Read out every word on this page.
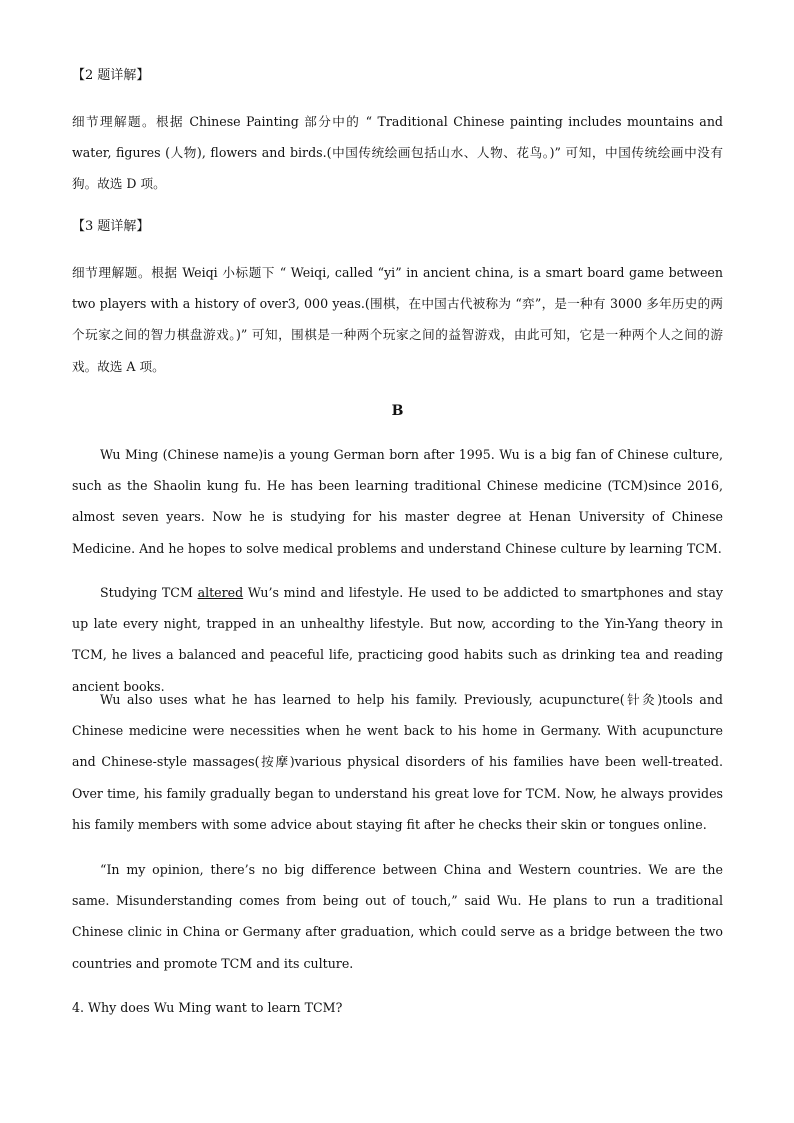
【2 题详解】
细节理解题。根据 Chinese Painting 部分中的 “ Traditional Chinese painting includes mountains and water, figures (人物), flowers and birds.(中国传统绘画包括山水、人物、花鸟。)” 可知，中国传统绘画中没有狗。故选 D 项。
【3 题详解】
细节理解题。根据 Weiqi 小标题下 “ Weiqi, called “yi” in ancient china, is a smart board game between two players with a history of over3, 000 yeas.(围棋，在中国古代被称为 “弈”，是一种有 3000 多年历史的两个玩家之间的智力棋盘游戏。)” 可知，围棋是一种两个玩家之间的益智游戏，由此可知，它是一种两个人之间的游戏。故选 A 项。
B
Wu Ming (Chinese name)is a young German born after 1995. Wu is a big fan of Chinese culture, such as the Shaolin kung fu. He has been learning traditional Chinese medicine (TCM)since 2016, almost seven years. Now he is studying for his master degree at Henan University of Chinese Medicine. And he hopes to solve medical problems and understand Chinese culture by learning TCM.
Studying TCM altered Wu’s mind and lifestyle. He used to be addicted to smartphones and stay up late every night, trapped in an unhealthy lifestyle. But now, according to the Yin-Yang theory in TCM, he lives a balanced and peaceful life, practicing good habits such as drinking tea and reading ancient books.
Wu also uses what he has learned to help his family. Previously, acupuncture(针灸)tools and Chinese medicine were necessities when he went back to his home in Germany. With acupuncture and Chinese-style massages(按摩)various physical disorders of his families have been well-treated. Over time, his family gradually began to understand his great love for TCM. Now, he always provides his family members with some advice about staying fit after he checks their skin or tongues online.
“In my opinion, there’s no big difference between China and Western countries. We are the same. Misunderstanding comes from being out of touch,” said Wu. He plans to run a traditional Chinese clinic in China or Germany after graduation, which could serve as a bridge between the two countries and promote TCM and its culture.
4. Why does Wu Ming want to learn TCM?
